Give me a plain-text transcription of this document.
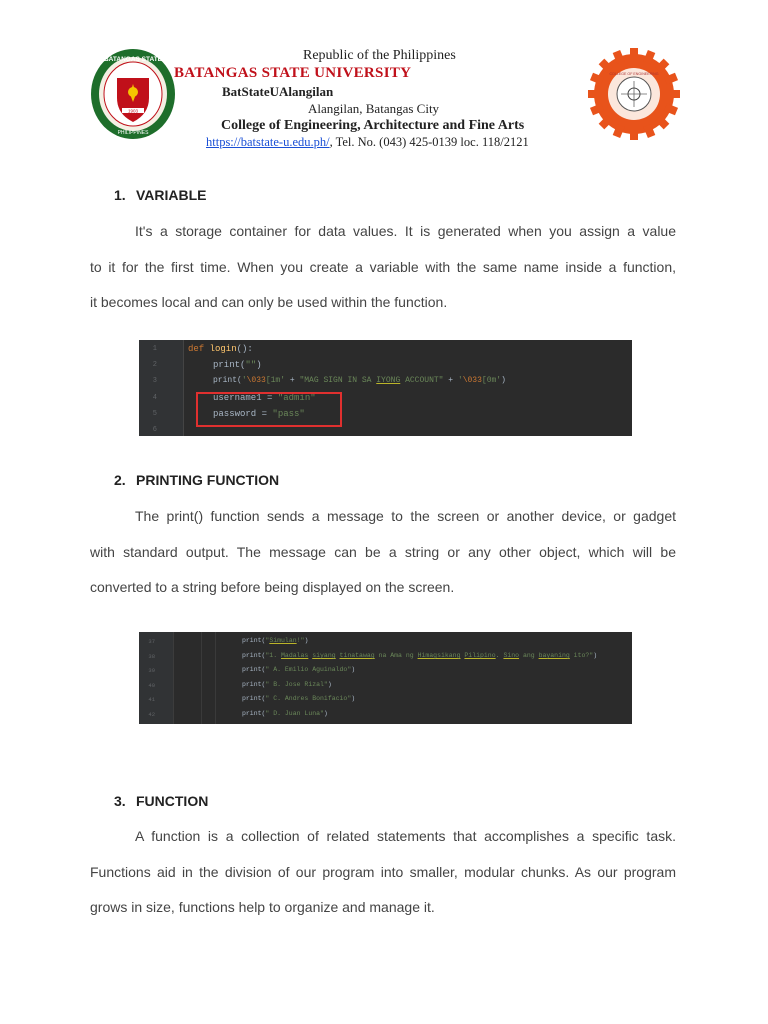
BATANGAS STATE
PHILIPPINES
1903
Republic of the Philippines
BATANGAS STATE UNIVERSITY
BatStateUAlangilan
Alangilan, Batangas City
College of Engineering, Architecture and Fine Arts
https://batstate-u.edu.ph/, Tel. No. (043) 425-0139 loc. 118/2121
COLLEGE OF ENGINEERING
1. VARIABLE
It's a storage container for data values. It is generated when you assign a value
to it for the first time. When you create a variable with the same name inside a function,
it becomes local and can only be used within the function.
1
2
3
4
5
6
def login():
print("")
print('\033[1m' + "MAG SIGN IN SA IYONG ACCOUNT" + '\033[0m')
username1 = "admin"
password = "pass"
2. PRINTING FUNCTION
The print() function sends a message to the screen or another device, or gadget
with standard output. The message can be a string or any other object, which will be
converted to a string before being displayed on the screen.
37
38
39
40
41
42
print("Simulan!")
print("1. Madalas siyang tinatawag na Ama ng Himagsikang Pilipino. Sino ang bayaning ito?")
print(" A. Emilio Aguinaldo")
print(" B. Jose Rizal")
print(" C. Andres Bonifacio")
print(" D. Juan Luna")
3. FUNCTION
A function is a collection of related statements that accomplishes a specific task.
Functions aid in the division of our program into smaller, modular chunks. As our program
grows in size, functions help to organize and manage it.
